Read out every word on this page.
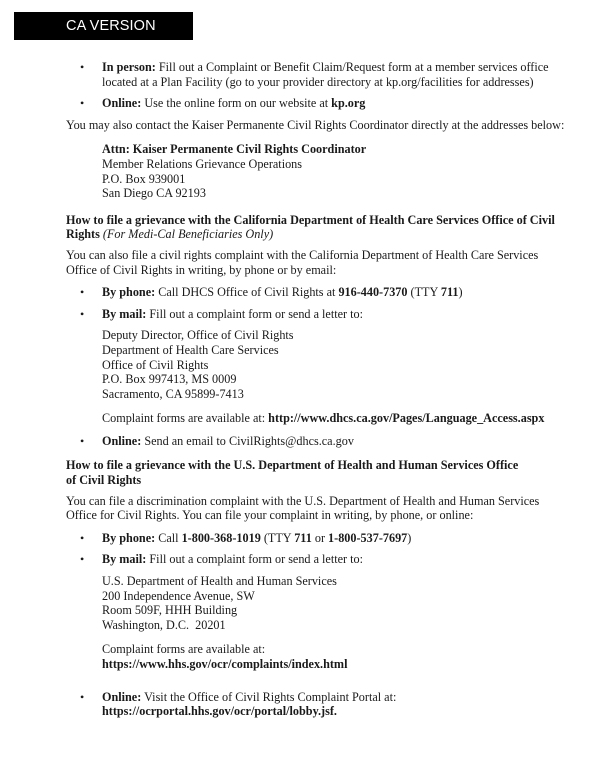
CA VERSION
• In person: Fill out a Complaint or Benefit Claim/Request form at a member services office located at a Plan Facility (go to your provider directory at kp.org/facilities for addresses)
• Online: Use the online form on our website at kp.org

You may also contact the Kaiser Permanente Civil Rights Coordinator directly at the addresses below:

Attn: Kaiser Permanente Civil Rights Coordinator
Member Relations Grievance Operations
P.O. Box 939001
San Diego CA 92193
How to file a grievance with the California Department of Health Care Services Office of Civil Rights (For Medi-Cal Beneficiaries Only)

You can also file a civil rights complaint with the California Department of Health Care Services Office of Civil Rights in writing, by phone or by email:

• By phone: Call DHCS Office of Civil Rights at 916-440-7370 (TTY 711)
• By mail: Fill out a complaint form or send a letter to:
Deputy Director, Office of Civil Rights
Department of Health Care Services
Office of Civil Rights
P.O. Box 997413, MS 0009
Sacramento, CA 95899-7413
Complaint forms are available at: http://www.dhcs.ca.gov/Pages/Language_Access.aspx
• Online: Send an email to CivilRights@dhcs.ca.gov
How to file a grievance with the U.S. Department of Health and Human Services Office of Civil Rights

You can file a discrimination complaint with the U.S. Department of Health and Human Services Office for Civil Rights. You can file your complaint in writing, by phone, or online:

• By phone: Call 1-800-368-1019 (TTY 711 or 1-800-537-7697)
• By mail: Fill out a complaint form or send a letter to:
U.S. Department of Health and Human Services
200 Independence Avenue, SW
Room 509F, HHH Building
Washington, D.C.  20201
Complaint forms are available at:
https://www.hhs.gov/ocr/complaints/index.html
• Online: Visit the Office of Civil Rights Complaint Portal at:
https://ocrportal.hhs.gov/ocr/portal/lobby.jsf.
